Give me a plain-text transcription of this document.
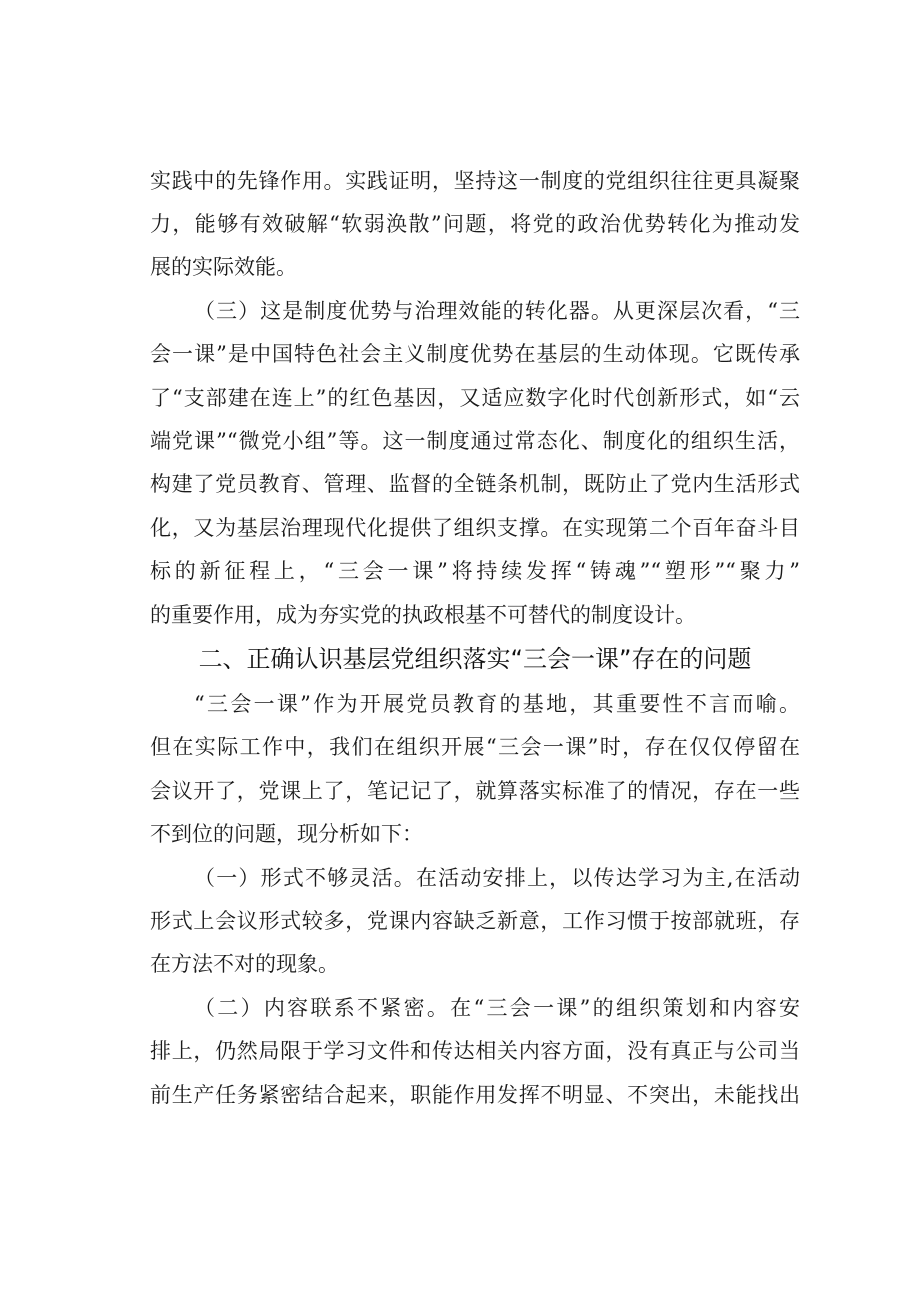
实践中的先锋作用。实践证明，坚持这一制度的党组织往往更具凝聚
力，能够有效破解“软弱涣散”问题，将党的政治优势转化为推动发
展的实际效能。
（三）这是制度优势与治理效能的转化器。从更深层次看，“三
会一课”是中国特色社会主义制度优势在基层的生动体现。它既传承
了“支部建在连上”的红色基因，又适应数字化时代创新形式，如“云
端党课”“微党小组”等。这一制度通过常态化、制度化的组织生活，
构建了党员教育、管理、监督的全链条机制，既防止了党内生活形式
化，又为基层治理现代化提供了组织支撑。在实现第二个百年奋斗目
标的新征程上，“三会一课”将持续发挥“铸魂”“塑形”“聚力”
的重要作用，成为夯实党的执政根基不可替代的制度设计。
二、正确认识基层党组织落实“三会一课”存在的问题
“三会一课”作为开展党员教育的基地，其重要性不言而喻。
但在实际工作中，我们在组织开展“三会一课”时，存在仅仅停留在
会议开了，党课上了，笔记记了，就算落实标准了的情况，存在一些
不到位的问题，现分析如下：
（一）形式不够灵活。在活动安排上，以传达学习为主,在活动
形式上会议形式较多，党课内容缺乏新意，工作习惯于按部就班，存
在方法不对的现象。
（二）内容联系不紧密。在“三会一课”的组织策划和内容安
排上，仍然局限于学习文件和传达相关内容方面，没有真正与公司当
前生产任务紧密结合起来，职能作用发挥不明显、不突出，未能找出
